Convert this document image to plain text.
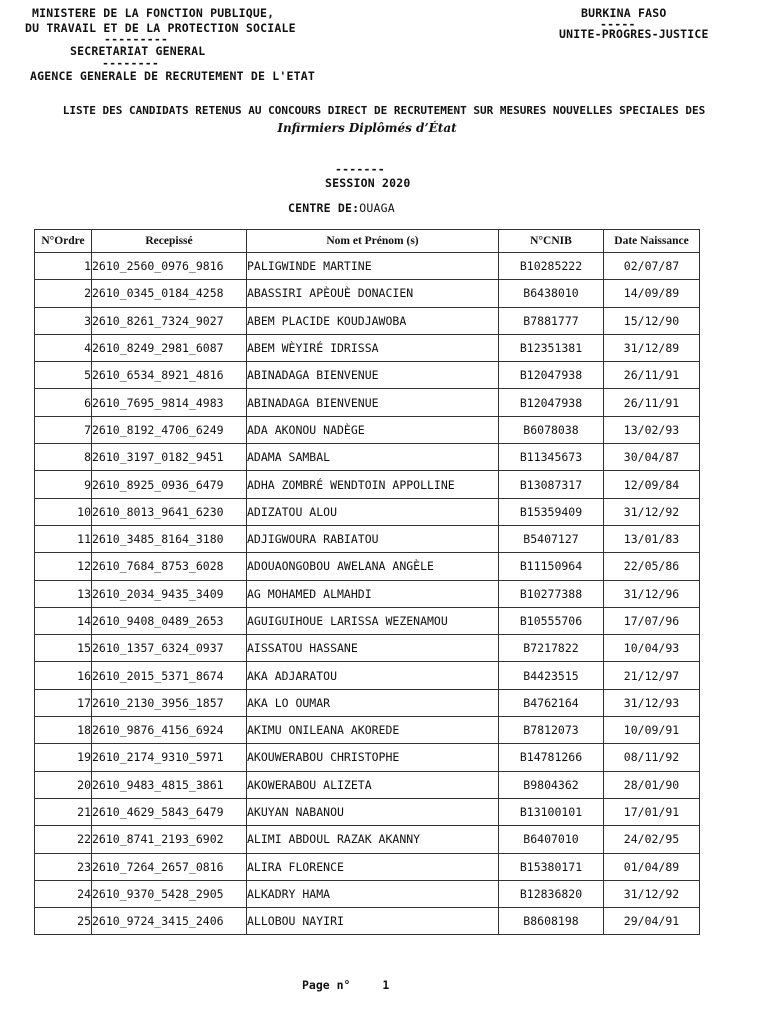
MINISTERE DE LA FONCTION PUBLIQUE,
DU TRAVAIL ET DE LA PROTECTION SOCIALE
---------
SECRETARIAT GENERAL
--------
AGENCE GENERALE DE RECRUTEMENT DE L'ETAT
BURKINA FASO
-----
UNITE-PROGRES-JUSTICE
LISTE DES CANDIDATS RETENUS AU CONCOURS DIRECT DE RECRUTEMENT SUR MESURES NOUVELLES SPECIALES DES
Infirmiers Diplômés d’État
-------
SESSION 2020
CENTRE DE:OUAGA
N°Ordre	Recepissé	Nom et Prénom (s)	N°CNIB	Date Naissance
1	2610_2560_0976_9816	PALIGWINDE MARTINE	B10285222	02/07/87
2	2610_0345_0184_4258	ABASSIRI APÈOUÈ DONACIEN	B6438010	14/09/89
3	2610_8261_7324_9027	ABEM PLACIDE KOUDJAWOBA	B7881777	15/12/90
4	2610_8249_2981_6087	ABEM WÈYIRÉ IDRISSA	B12351381	31/12/89
5	2610_6534_8921_4816	ABINADAGA BIENVENUE	B12047938	26/11/91
6	2610_7695_9814_4983	ABINADAGA BIENVENUE	B12047938	26/11/91
7	2610_8192_4706_6249	ADA AKONOU NADÈGE	B6078038	13/02/93
8	2610_3197_0182_9451	ADAMA SAMBAL	B11345673	30/04/87
9	2610_8925_0936_6479	ADHA ZOMBRÉ WENDTOIN APPOLLINE	B13087317	12/09/84
10	2610_8013_9641_6230	ADIZATOU ALOU	B15359409	31/12/92
11	2610_3485_8164_3180	ADJIGWOURA RABIATOU	B5407127	13/01/83
12	2610_7684_8753_6028	ADOUAONGOBOU AWELANA ANGÈLE	B11150964	22/05/86
13	2610_2034_9435_3409	AG MOHAMED ALMAHDI	B10277388	31/12/96
14	2610_9408_0489_2653	AGUIGUIHOUE LARISSA WEZENAMOU	B10555706	17/07/96
15	2610_1357_6324_0937	AISSATOU HASSANE	B7217822	10/04/93
16	2610_2015_5371_8674	AKA ADJARATOU	B4423515	21/12/97
17	2610_2130_3956_1857	AKA LO OUMAR	B4762164	31/12/93
18	2610_9876_4156_6924	AKIMU ONILEANA AKOREDE	B7812073	10/09/91
19	2610_2174_9310_5971	AKOUWERABOU CHRISTOPHE	B14781266	08/11/92
20	2610_9483_4815_3861	AKOWERABOU ALIZETA	B9804362	28/01/90
21	2610_4629_5843_6479	AKUYAN NABANOU	B13100101	17/01/91
22	2610_8741_2193_6902	ALIMI ABDOUL RAZAK AKANNY	B6407010	24/02/95
23	2610_7264_2657_0816	ALIRA FLORENCE	B15380171	01/04/89
24	2610_9370_5428_2905	ALKADRY HAMA	B12836820	31/12/92
25	2610_9724_3415_2406	ALLOBOU NAYIRI	B8608198	29/04/91
Page n°	1
